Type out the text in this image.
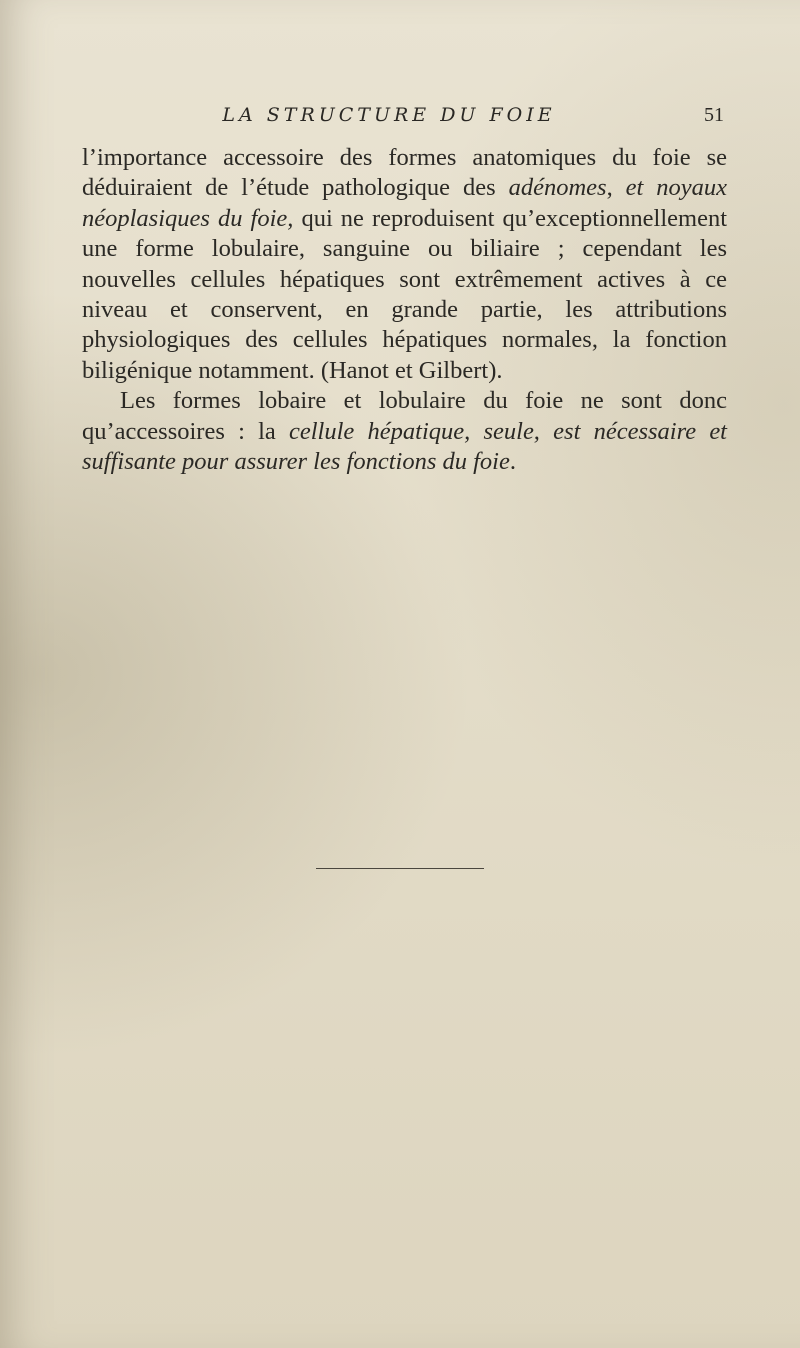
LA STRUCTURE DU FOIE	51

l’importance accessoire des formes anatomiques du foie se déduiraient de l’étude pathologique des adénomes, et noyaux néoplasiques du foie, qui ne reproduisent qu’exceptionnellement une forme lobulaire, sanguine ou biliaire ; cependant les nouvelles cellules hépatiques sont extrêmement actives à ce niveau et conservent, en grande partie, les attributions physiologiques des cellules hépatiques normales, la fonction biligénique notamment. (Hanot et Gilbert).

Les formes lobaire et lobulaire du foie ne sont donc qu’accessoires : la cellule hépatique, seule, est nécessaire et suffisante pour assurer les fonctions du foie.
